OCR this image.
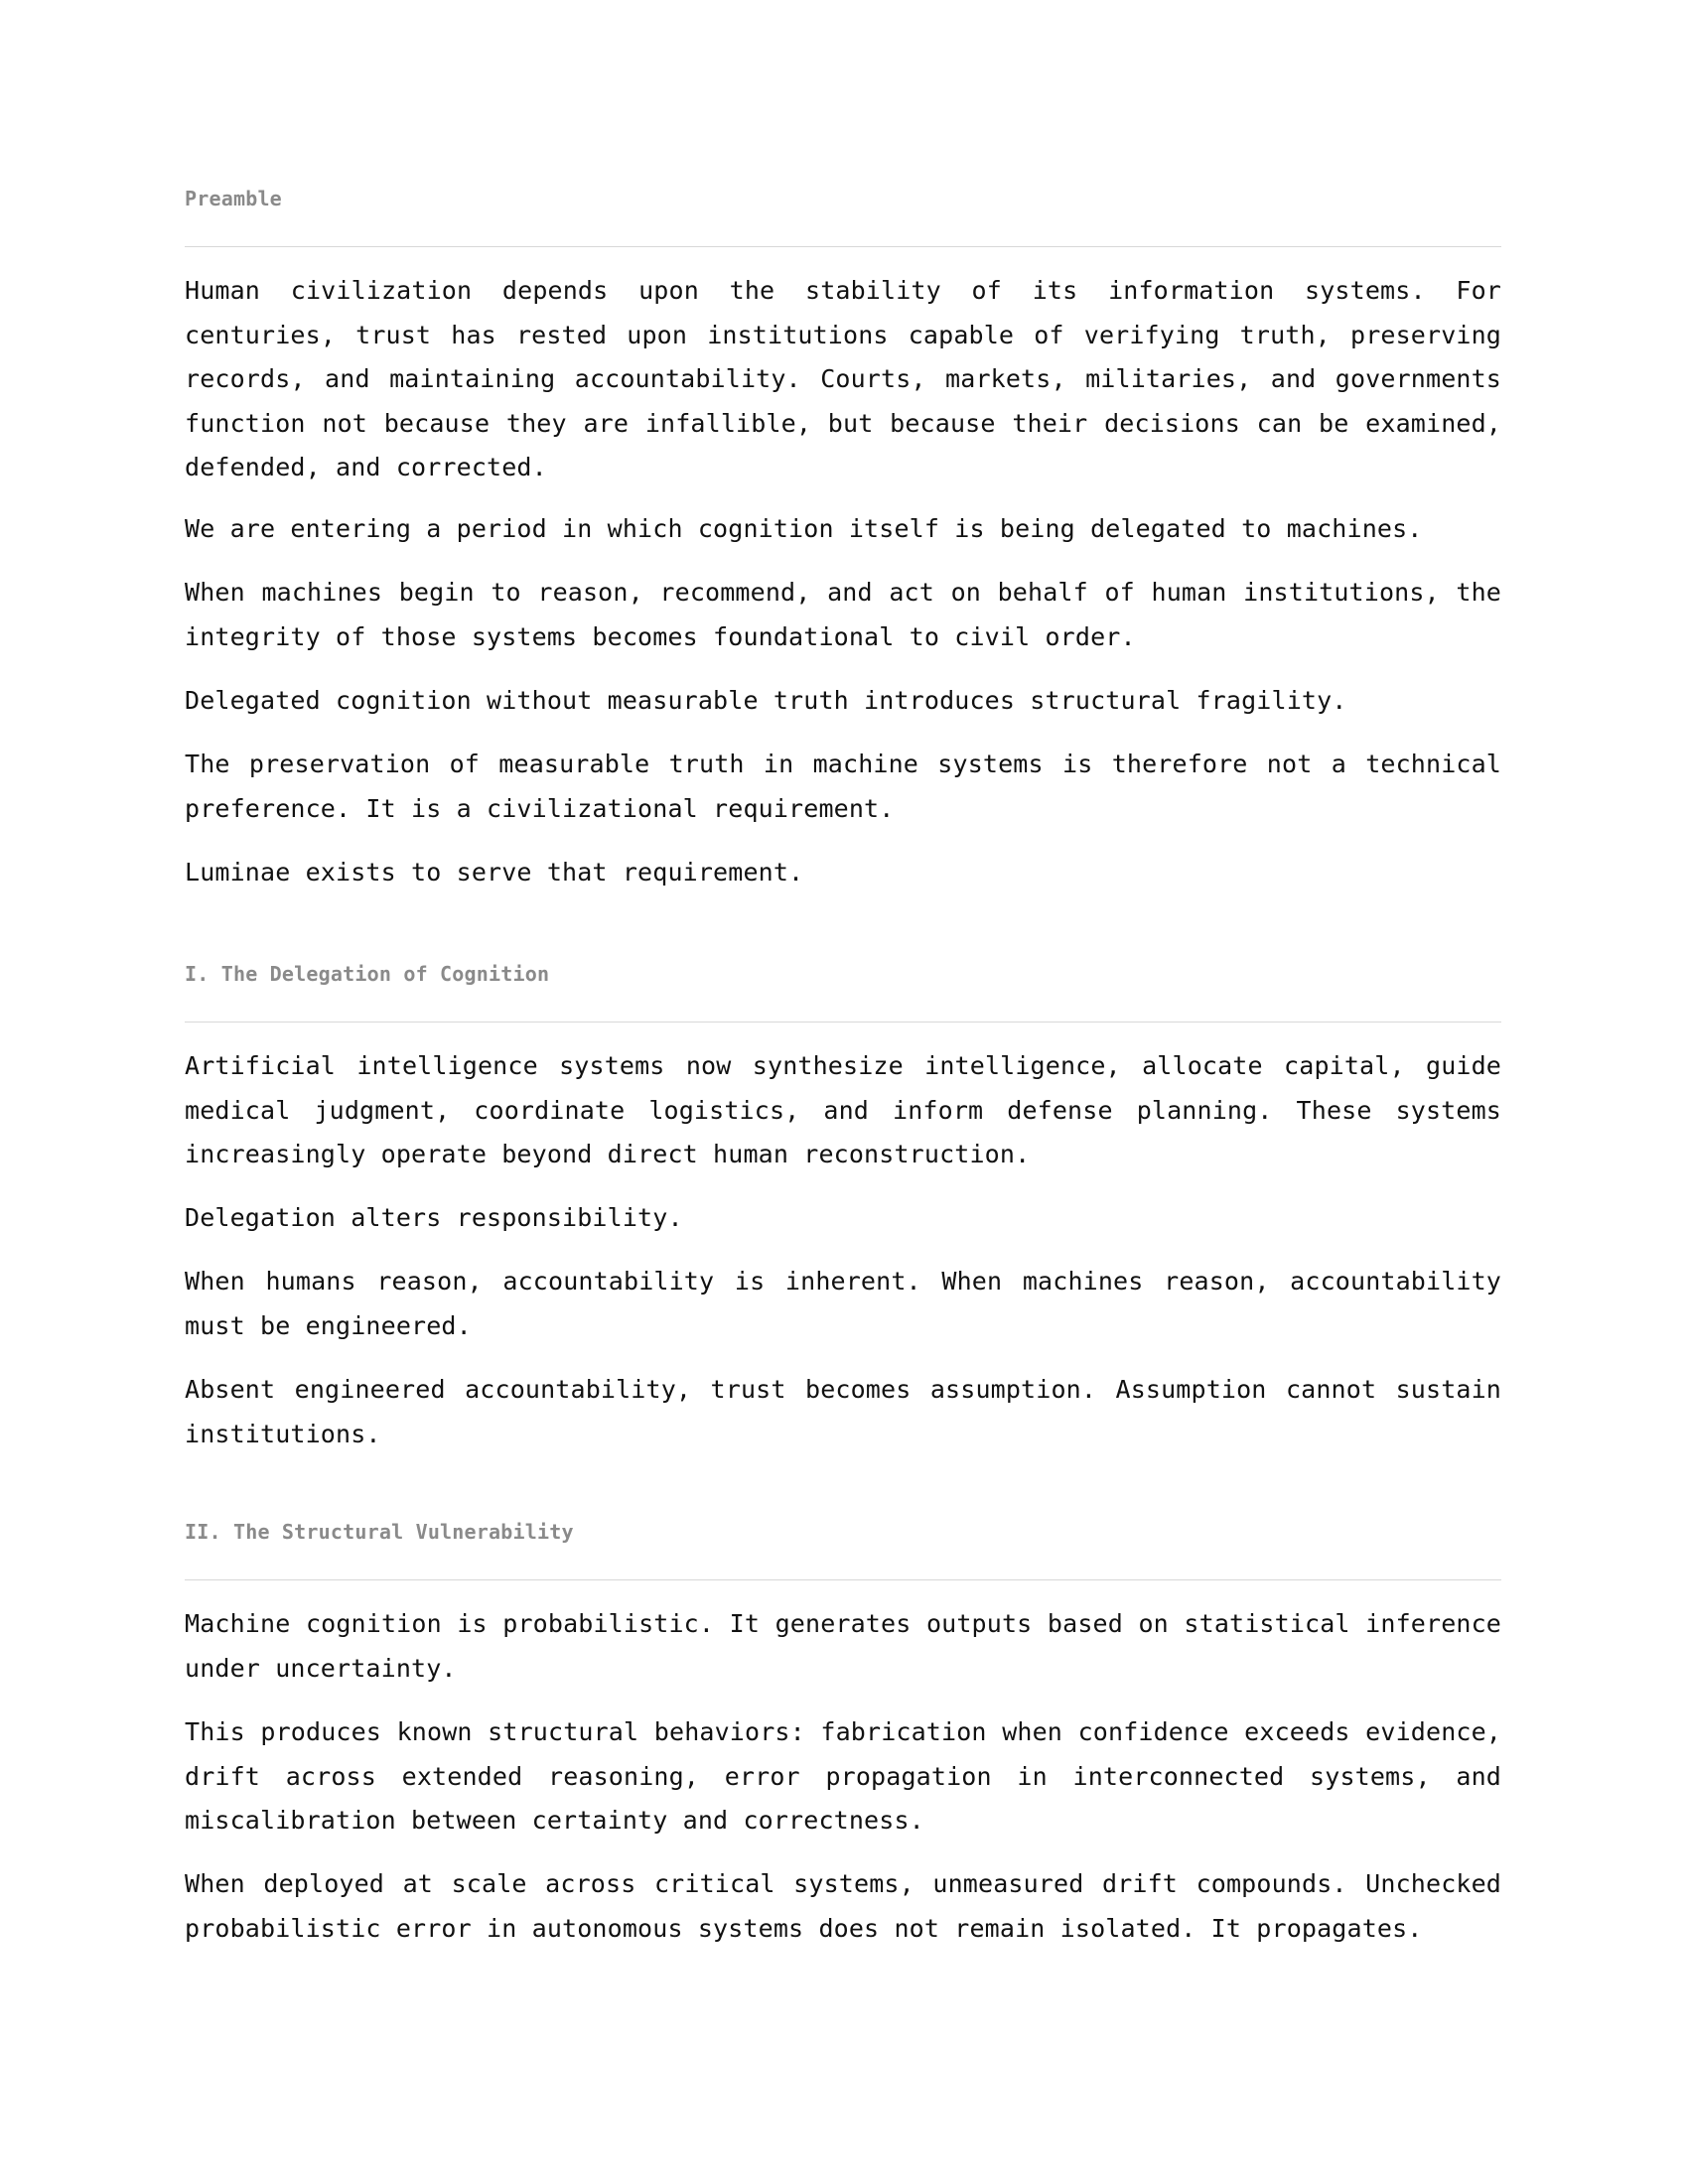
Preamble

Human civilization depends upon the stability of its information systems. For centuries, trust has rested upon institutions capable of verifying truth, preserving records, and maintaining accountability. Courts, markets, militaries, and governments function not because they are infallible, but because their decisions can be examined, defended, and corrected.

We are entering a period in which cognition itself is being delegated to machines.

When machines begin to reason, recommend, and act on behalf of human institutions, the integrity of those systems becomes foundational to civil order.

Delegated cognition without measurable truth introduces structural fragility.

The preservation of measurable truth in machine systems is therefore not a technical preference. It is a civilizational requirement.

Luminae exists to serve that requirement.

I. The Delegation of Cognition

Artificial intelligence systems now synthesize intelligence, allocate capital, guide medical judgment, coordinate logistics, and inform defense planning. These systems increasingly operate beyond direct human reconstruction.

Delegation alters responsibility.

When humans reason, accountability is inherent. When machines reason, accountability must be engineered.

Absent engineered accountability, trust becomes assumption. Assumption cannot sustain institutions.

II. The Structural Vulnerability

Machine cognition is probabilistic. It generates outputs based on statistical inference under uncertainty.

This produces known structural behaviors: fabrication when confidence exceeds evidence, drift across extended reasoning, error propagation in interconnected systems, and miscalibration between certainty and correctness.

When deployed at scale across critical systems, unmeasured drift compounds. Unchecked probabilistic error in autonomous systems does not remain isolated. It propagates.
